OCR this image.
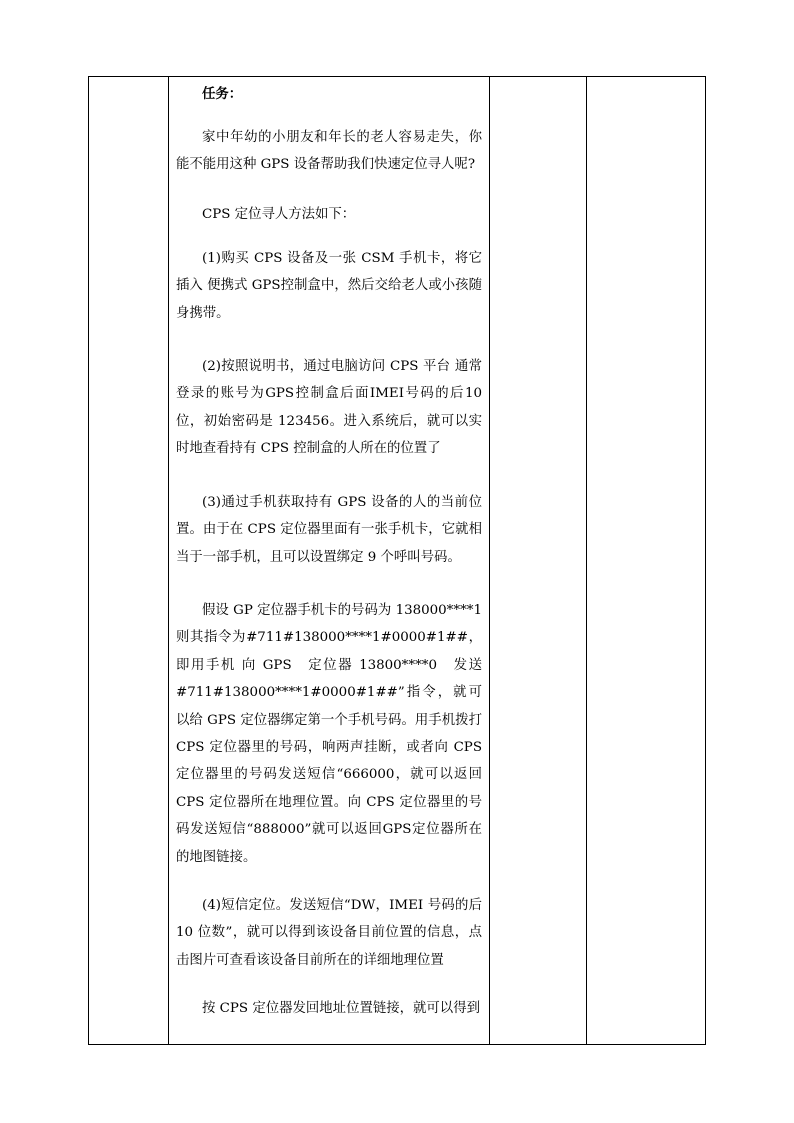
任务：
家中年幼的小朋友和年长的老人容易走失，你能不能用这种 GPS 设备帮助我们快速定位寻人呢?
CPS 定位寻人方法如下：
(1)购买 CPS 设备及一张 CSM 手机卡，将它插入 便携式 GPS控制盒中，然后交给老人或小孩随身携带。
(2)按照说明书，通过电脑访问 CPS 平台 通常登录的账号为GPS控制盒后面IMEI号码的后10位，初始密码是 123456。进入系统后，就可以实时地查看持有 CPS 控制盒的人所在的位置了
(3)通过手机获取持有 GPS 设备的人的当前位置。由于在 CPS 定位器里面有一张手机卡，它就相当于一部手机，且可以设置绑定 9 个呼叫号码。
假设 GP 定位器手机卡的号码为 138000****1 则其指令为#711#138000****1#0000#1##，即用手机 向 GPS　定位器 13800****0　发送 #711#138000****1#0000#1##”指令，就可以给 GPS 定位器绑定第一个手机号码。用手机拨打 CPS 定位器里的号码，响两声挂断，或者向 CPS 定位器里的号码发送短信“666000，就可以返回 CPS 定位器所在地理位置。向 CPS 定位器里的号码发送短信“888000”就可以返回GPS定位器所在的地图链接。
(4)短信定位。发送短信“DW，IMEI 号码的后 10 位数”，就可以得到该设备目前位置的信息，点击图片可查看该设备目前所在的详细地理位置
按 CPS 定位器发回地址位置链接，就可以得到
